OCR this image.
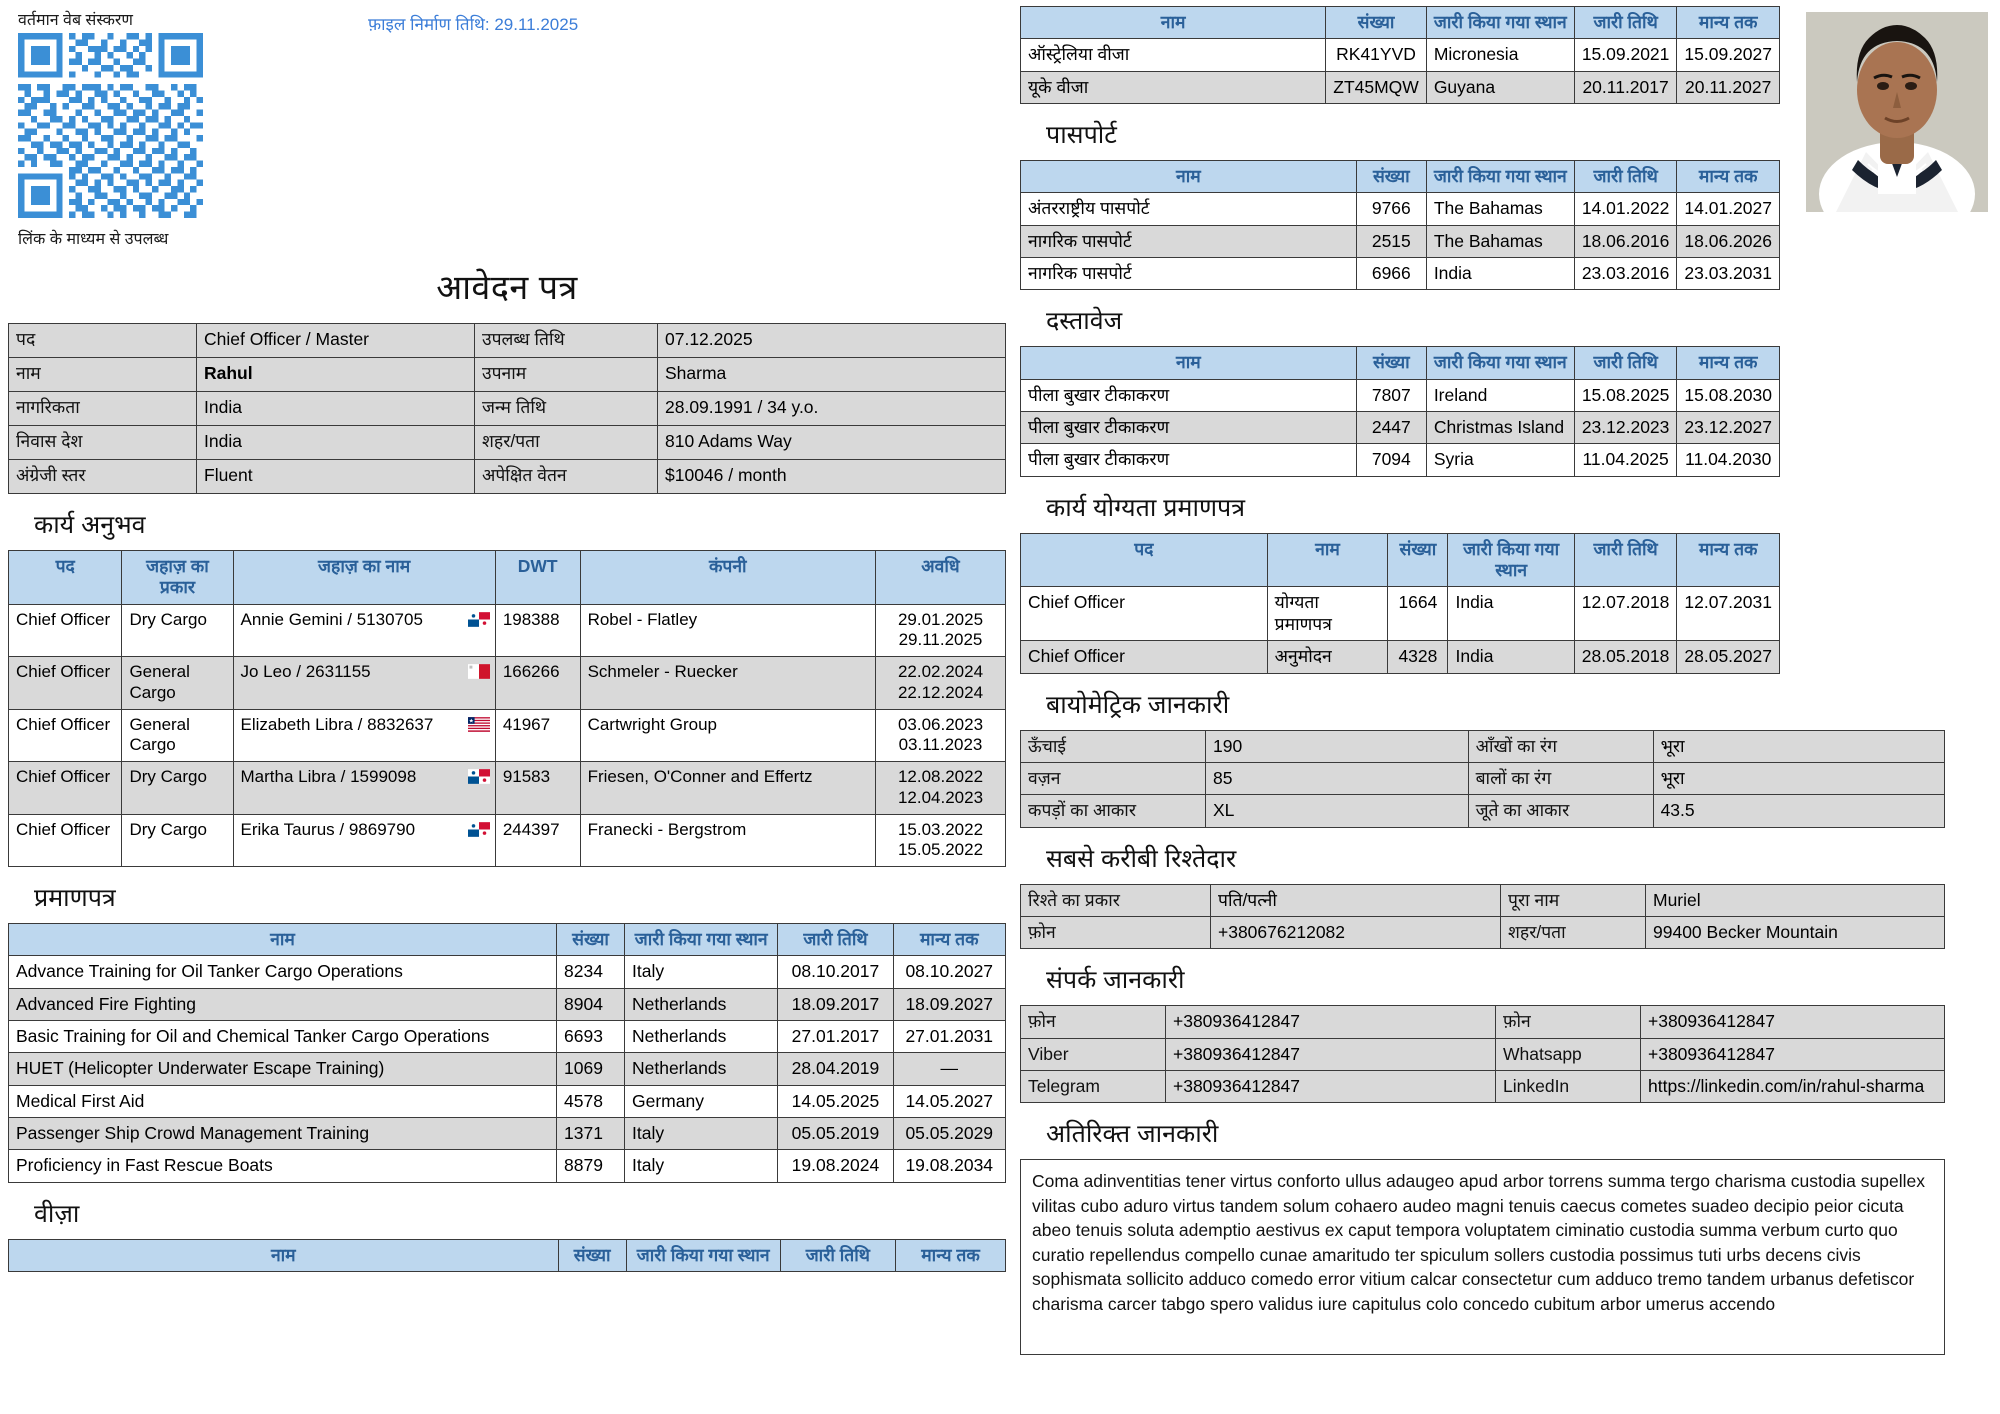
वर्तमान वेब संस्करण
लिंक के माध्यम से उपलब्ध
फ़ाइल निर्माण तिथि: 29.11.2025
आवेदन पत्र
पद	Chief Officer / Master	उपलब्ध तिथि	07.12.2025
नाम	Rahul	उपनाम	Sharma
नागरिकता	India	जन्म तिथि	28.09.1991 / 34 y.o.
निवास देश	India	शहर/पता	810 Adams Way
अंग्रेजी स्तर	Fluent	अपेक्षित वेतन	$10046 / month
कार्य अनुभव
पद	जहाज़ का प्रकार	जहाज़ का नाम	DWT	कंपनी	अवधि
Chief Officer	Dry Cargo	Annie Gemini / 5130705	198388	Robel - Flatley	29.01.2025
29.11.2025
Chief Officer	General Cargo	Jo Leo / 2631155	166266	Schmeler - Ruecker	22.02.2024
22.12.2024
Chief Officer	General Cargo	Elizabeth Libra / 8832637	41967	Cartwright Group	03.06.2023
03.11.2023
Chief Officer	Dry Cargo	Martha Libra / 1599098	91583	Friesen, O'Conner and Effertz	12.08.2022
12.04.2023
Chief Officer	Dry Cargo	Erika Taurus / 9869790	244397	Franecki - Bergstrom	15.03.2022
15.05.2022
प्रमाणपत्र
नाम	संख्या	जारी किया गया स्थान	जारी तिथि	मान्य तक
Advance Training for Oil Tanker Cargo Operations	8234	Italy	08.10.2017	08.10.2027
Advanced Fire Fighting	8904	Netherlands	18.09.2017	18.09.2027
Basic Training for Oil and Chemical Tanker Cargo Operations	6693	Netherlands	27.01.2017	27.01.2031
HUET (Helicopter Underwater Escape Training)	1069	Netherlands	28.04.2019	—
Medical First Aid	4578	Germany	14.05.2025	14.05.2027
Passenger Ship Crowd Management Training	1371	Italy	05.05.2019	05.05.2029
Proficiency in Fast Rescue Boats	8879	Italy	19.08.2024	19.08.2034
वीज़ा
नाम	संख्या	जारी किया गया स्थान	जारी तिथि	मान्य तक
नाम	संख्या	जारी किया गया स्थान	जारी तिथि	मान्य तक
ऑस्ट्रेलिया वीजा	RK41YVD	Micronesia	15.09.2021	15.09.2027
यूके वीजा	ZT45MQW	Guyana	20.11.2017	20.11.2027
पासपोर्ट
नाम	संख्या	जारी किया गया स्थान	जारी तिथि	मान्य तक
अंतरराष्ट्रीय पासपोर्ट	9766	The Bahamas	14.01.2022	14.01.2027
नागरिक पासपोर्ट	2515	The Bahamas	18.06.2016	18.06.2026
नागरिक पासपोर्ट	6966	India	23.03.2016	23.03.2031
दस्तावेज
नाम	संख्या	जारी किया गया स्थान	जारी तिथि	मान्य तक
पीला बुखार टीकाकरण	7807	Ireland	15.08.2025	15.08.2030
पीला बुखार टीकाकरण	2447	Christmas Island	23.12.2023	23.12.2027
पीला बुखार टीकाकरण	7094	Syria	11.04.2025	11.04.2030
कार्य योग्यता प्रमाणपत्र
पद	नाम	संख्या	जारी किया गया स्थान	जारी तिथि	मान्य तक
Chief Officer	योग्यता प्रमाणपत्र	1664	India	12.07.2018	12.07.2031
Chief Officer	अनुमोदन	4328	India	28.05.2018	28.05.2027
बायोमेट्रिक जानकारी
ऊँचाई	190	आँखों का रंग	भूरा
वज़न	85	बालों का रंग	भूरा
कपड़ों का आकार	XL	जूते का आकार	43.5
सबसे करीबी रिश्तेदार
रिश्ते का प्रकार	पति/पत्नी	पूरा नाम	Muriel
फ़ोन	+380676212082	शहर/पता	99400 Becker Mountain
संपर्क जानकारी
फ़ोन	+380936412847	फ़ोन	+380936412847
Viber	+380936412847	Whatsapp	+380936412847
Telegram	+380936412847	LinkedIn	https://linkedin.com/in/rahul-sharma
अतिरिक्त जानकारी
Coma adinventitias tener virtus conforto ullus adaugeo apud arbor torrens summa tergo charisma custodia supellex vilitas cubo aduro virtus tandem solum cohaero audeo magni tenuis caecus cometes suadeo decipio peior cicuta abeo tenuis soluta ademptio aestivus ex caput tempora voluptatem ciminatio custodia summa verbum curto quo curatio repellendus compello cunae amaritudo ter spiculum sollers custodia possimus tuti urbs decens civis sophismata sollicito adduco comedo error vitium calcar consectetur cum adduco tremo tandem urbanus defetiscor charisma carcer tabgo spero validus iure capitulus colo concedo cubitum arbor umerus accendo
